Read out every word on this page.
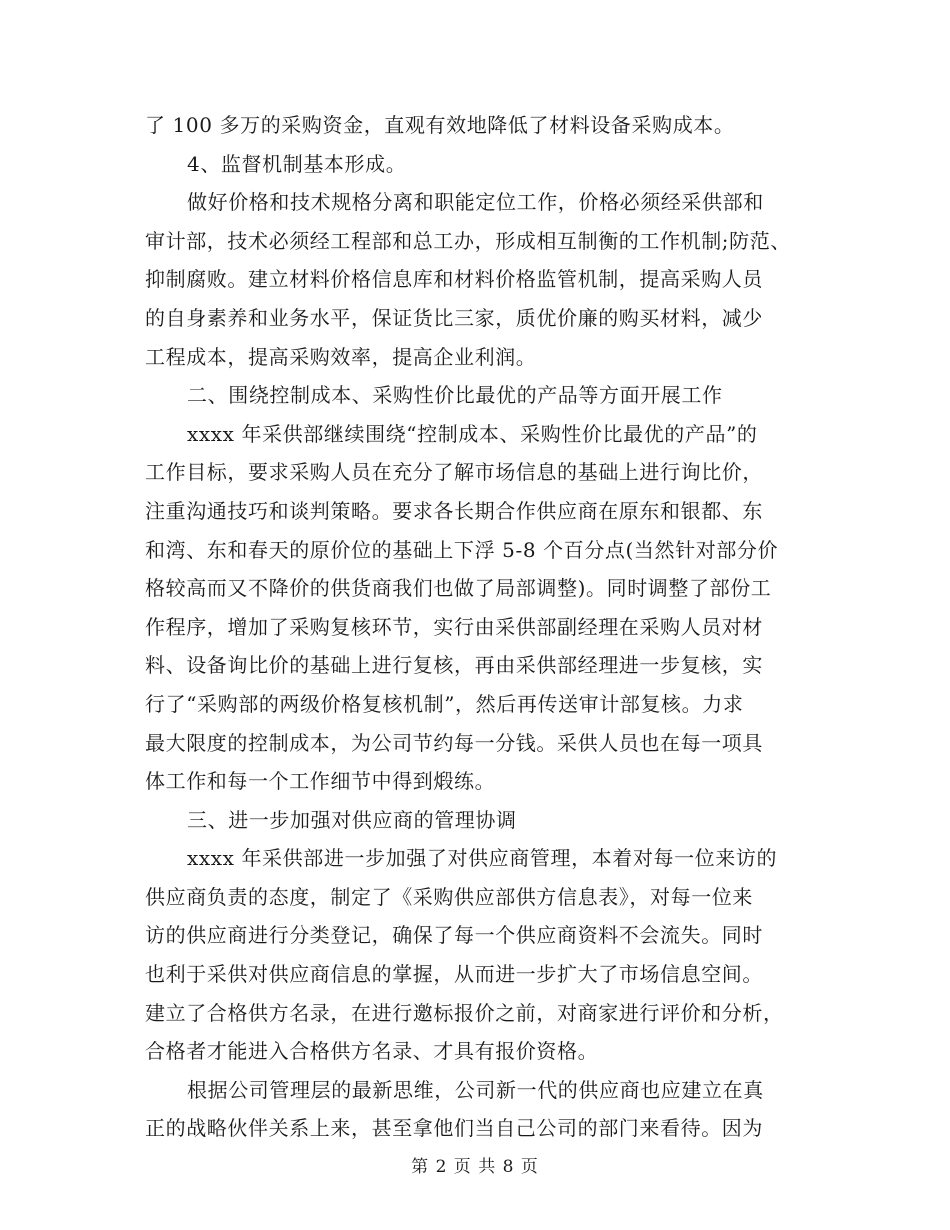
了 100 多万的采购资金，直观有效地降低了材料设备采购成本。
4、监督机制基本形成。
做好价格和技术规格分离和职能定位工作，价格必须经采供部和
审计部，技术必须经工程部和总工办，形成相互制衡的工作机制;防范、
抑制腐败。建立材料价格信息库和材料价格监管机制，提高采购人员
的自身素养和业务水平，保证货比三家，质优价廉的购买材料，减少
工程成本，提高采购效率，提高企业利润。
二、围绕控制成本、采购性价比最优的产品等方面开展工作
xxxx 年采供部继续围绕“控制成本、采购性价比最优的产品”的
工作目标，要求采购人员在充分了解市场信息的基础上进行询比价，
注重沟通技巧和谈判策略。要求各长期合作供应商在原东和银都、东
和湾、东和春天的原价位的基础上下浮 5-8 个百分点(当然针对部分价
格较高而又不降价的供货商我们也做了局部调整)。同时调整了部份工
作程序，增加了采购复核环节，实行由采供部副经理在采购人员对材
料、设备询比价的基础上进行复核，再由采供部经理进一步复核，实
行了“采购部的两级价格复核机制”，然后再传送审计部复核。力求
最大限度的控制成本，为公司节约每一分钱。采供人员也在每一项具
体工作和每一个工作细节中得到煅练。
三、进一步加强对供应商的管理协调
xxxx 年采供部进一步加强了对供应商管理，本着对每一位来访的
供应商负责的态度，制定了《采购供应部供方信息表》，对每一位来
访的供应商进行分类登记，确保了每一个供应商资料不会流失。同时
也利于采供对供应商信息的掌握，从而进一步扩大了市场信息空间。
建立了合格供方名录，在进行邀标报价之前，对商家进行评价和分析，
合格者才能进入合格供方名录、才具有报价资格。
根据公司管理层的最新思维，公司新一代的供应商也应建立在真
正的战略伙伴关系上来，甚至拿他们当自己公司的部门来看待。因为
第 2 页 共 8 页
